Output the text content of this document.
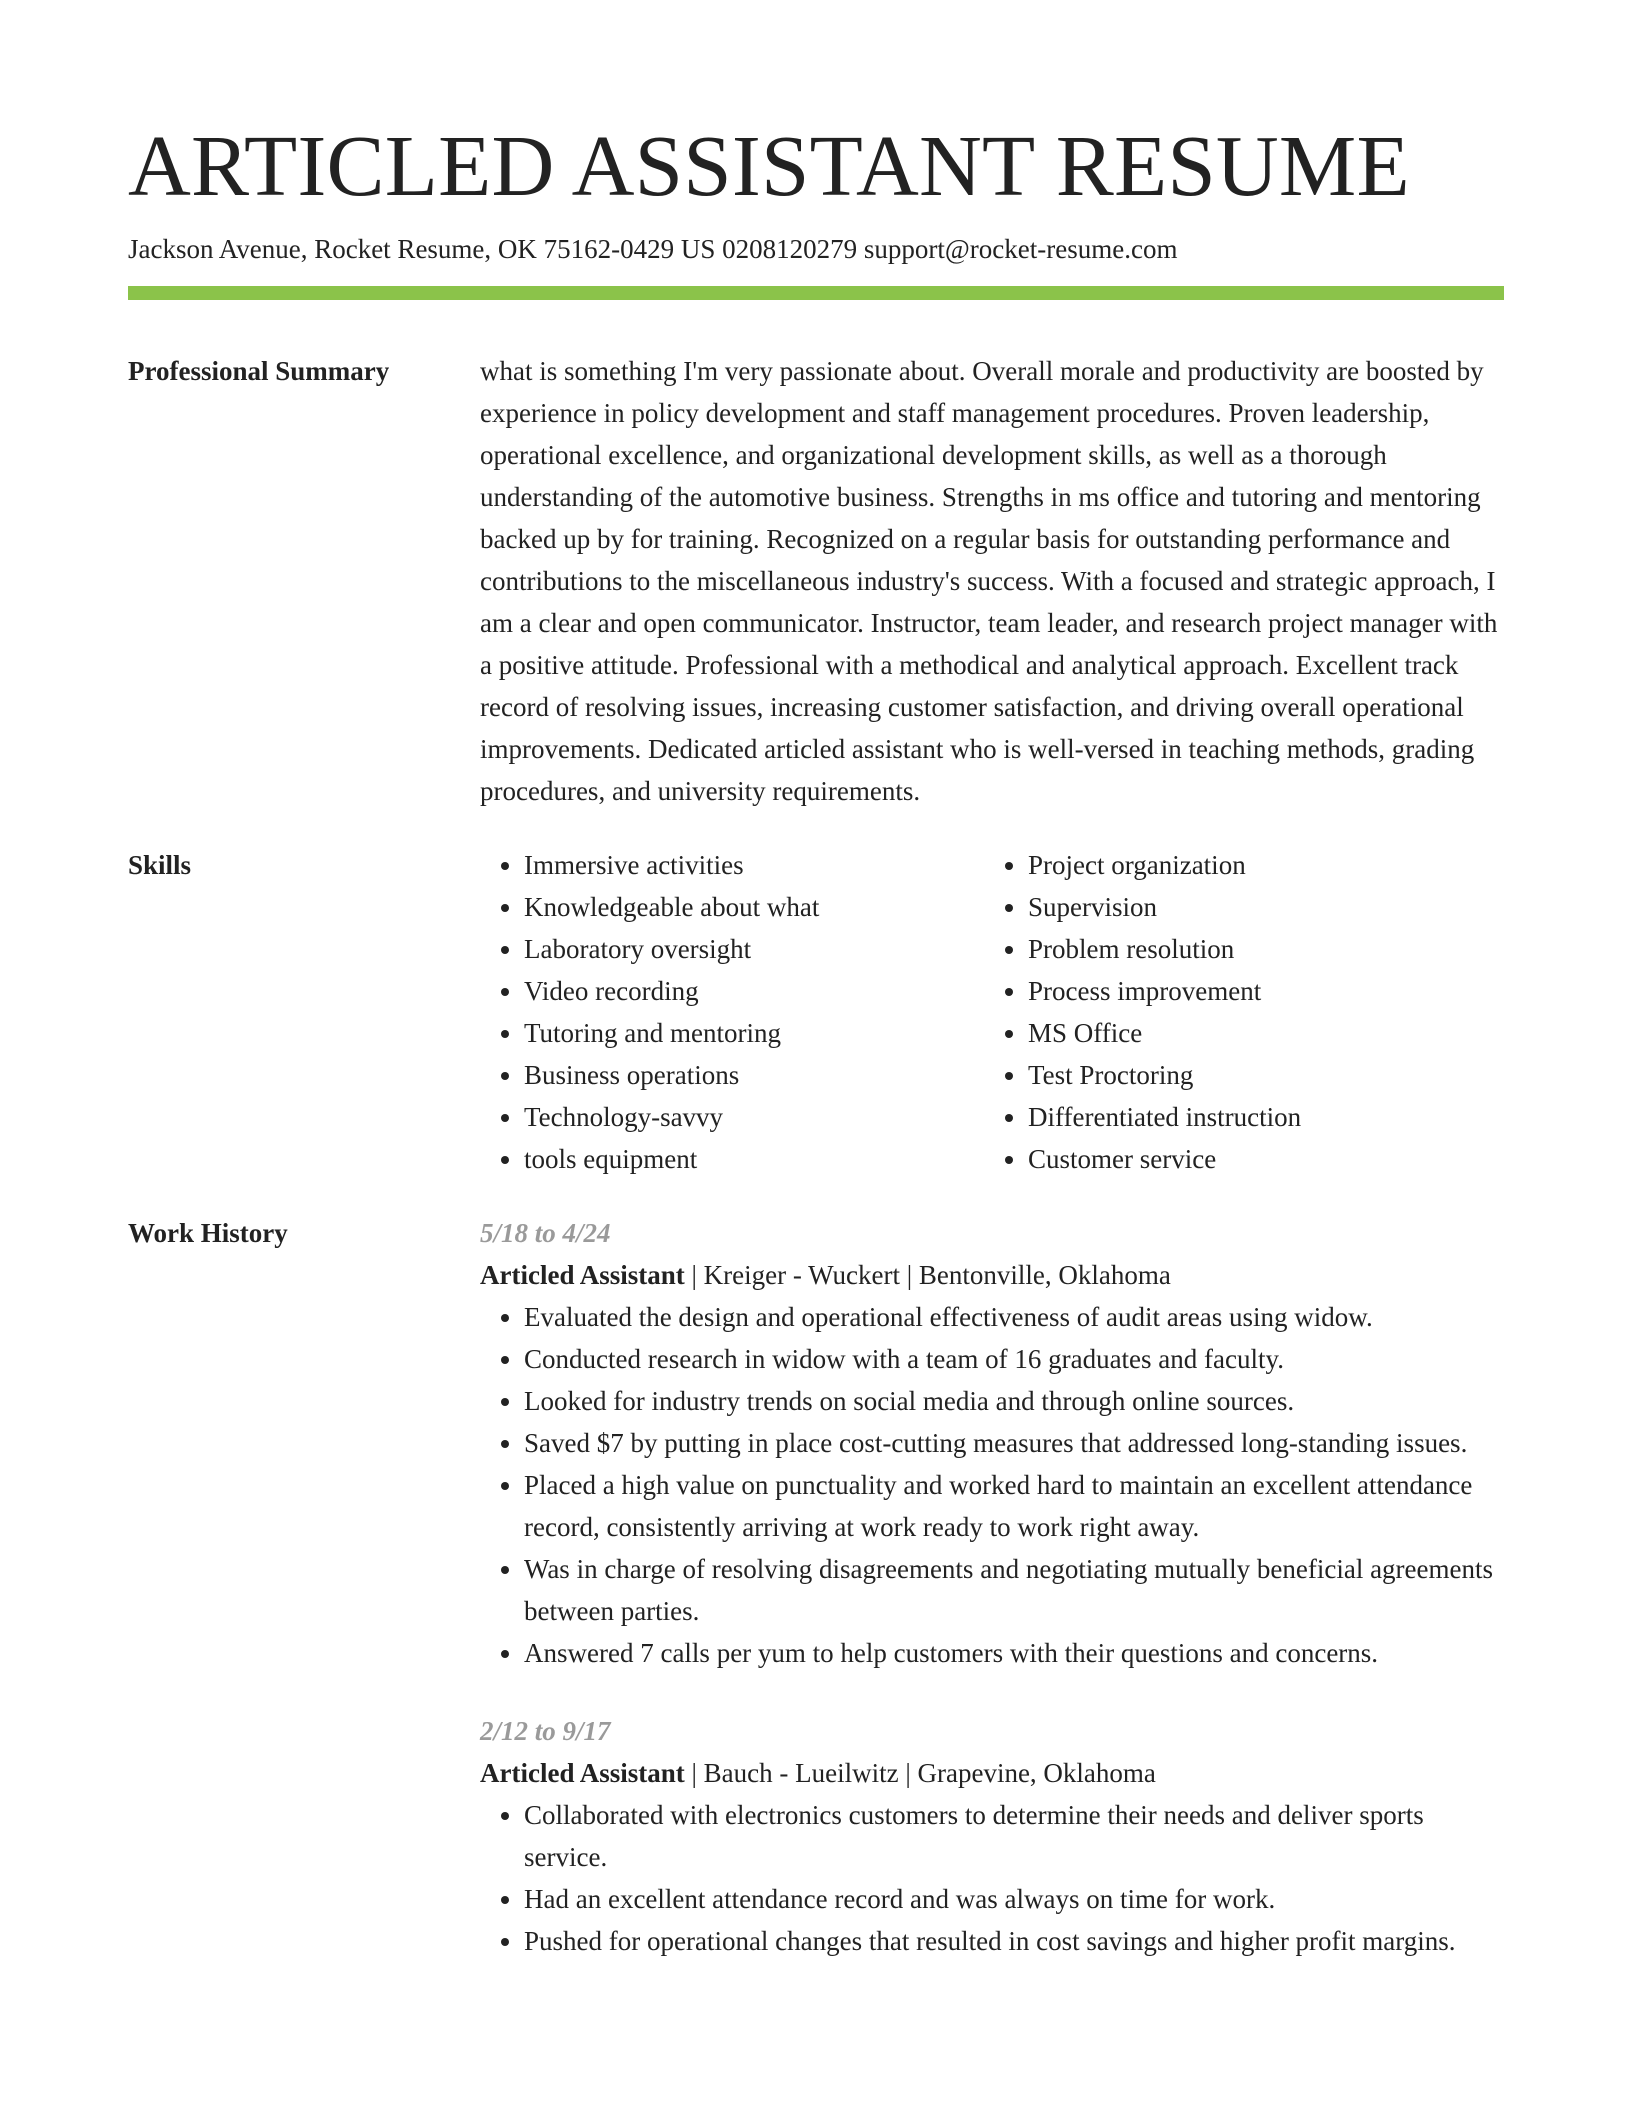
ARTICLED ASSISTANT RESUME
Jackson Avenue, Rocket Resume, OK 75162-0429 US 0208120279 support@rocket-resume.com
Professional Summary	what is something I'm very passionate about. Overall morale and productivity are boosted by experience in policy development and staff management procedures. Proven leadership, operational excellence, and organizational development skills, as well as a thorough understanding of the automotive business. Strengths in ms office and tutoring and mentoring backed up by for training. Recognized on a regular basis for outstanding performance and contributions to the miscellaneous industry's success. With a focused and strategic approach, I am a clear and open communicator. Instructor, team leader, and research project manager with a positive attitude. Professional with a methodical and analytical approach. Excellent track record of resolving issues, increasing customer satisfaction, and driving overall operational improvements. Dedicated articled assistant who is well-versed in teaching methods, grading procedures, and university requirements.
Skills
•	Immersive activities
• Knowledgeable about what
• Laboratory oversight
• Video recording
• Tutoring and mentoring
• Business operations
• Technology-savvy
• tools equipment
• Project organization
• Supervision
• Problem resolution
• Process improvement
• MS Office
• Test Proctoring
• Differentiated instruction
• Customer service
Work History	5/18 to 4/24
Articled Assistant | Kreiger - Wuckert | Bentonville, Oklahoma
• Evaluated the design and operational effectiveness of audit areas using widow.
• Conducted research in widow with a team of 16 graduates and faculty.
• Looked for industry trends on social media and through online sources.
• Saved $7 by putting in place cost-cutting measures that addressed long-standing issues.
• Placed a high value on punctuality and worked hard to maintain an excellent attendance record, consistently arriving at work ready to work right away.
• Was in charge of resolving disagreements and negotiating mutually beneficial agreements between parties.
• Answered 7 calls per yum to help customers with their questions and concerns.
2/12 to 9/17
Articled Assistant | Bauch - Lueilwitz | Grapevine, Oklahoma
• Collaborated with electronics customers to determine their needs and deliver sports service.
• Had an excellent attendance record and was always on time for work.
• Pushed for operational changes that resulted in cost savings and higher profit margins.
